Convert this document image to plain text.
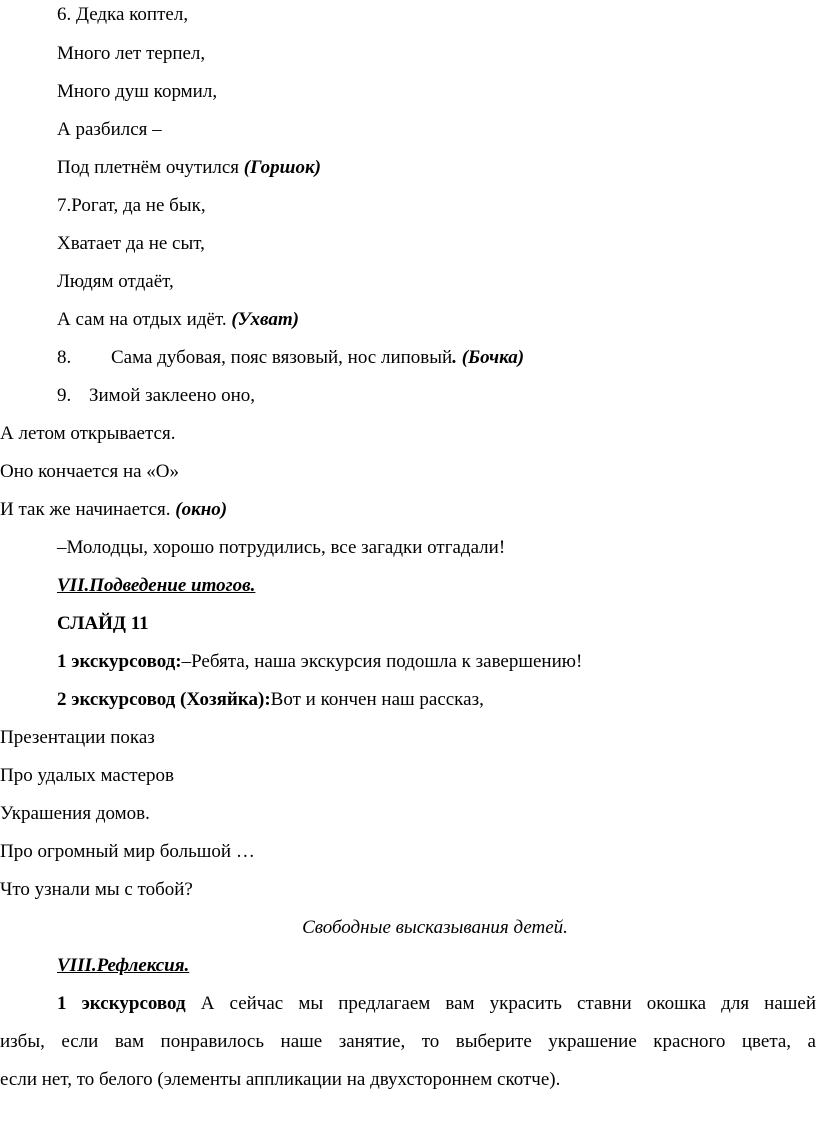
6. Дедка коптел,
Много лет терпел,
Много душ кормил,
А разбился –
Под плетнём очутился (Горшок)
7.Рогат, да не бык,
Хватает да не сыт,
Людям отдаёт,
А сам на отдых идёт. (Ухват)
8. Сама дубовая, пояс вязовый, нос липовый. (Бочка)
9. Зимой заклеено оно,
А летом открывается.
Оно кончается на «О»
И так же начинается. (окно)
–Молодцы, хорошо потрудились, все загадки отгадали!
VII.Подведение итогов.
СЛАЙД 11
1 экскурсовод:–Ребята, наша экскурсия подошла к завершению!
2 экскурсовод (Хозяйка):Вот и кончен наш рассказ,
Презентации показ
Про удалых мастеров
Украшения домов.
Про огромный мир большой …
Что узнали мы с тобой?
Свободные высказывания детей.
VIII.Рефлексия.
1 экскурсовод А сейчас мы предлагаем вам украсить ставни окошка для нашей
избы, если вам понравилось наше занятие, то выберите украшение красного цвета, а
если нет, то белого (элементы аппликации на двухстороннем скотче).
